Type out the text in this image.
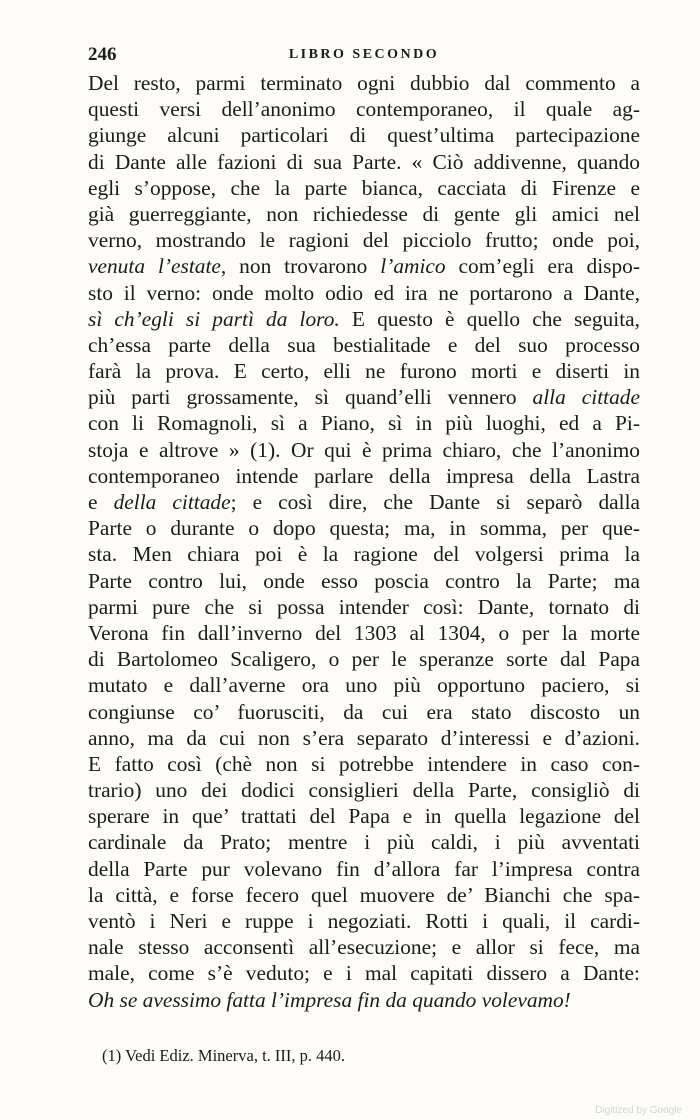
246	LIBRO SECONDO
Del resto, parmi terminato ogni dubbio dal commento a
questi versi dell’anonimo contemporaneo, il quale ag-
giunge alcuni particolari di quest’ultima partecipazione
di Dante alle fazioni di sua Parte. « Ciò addivenne, quando
egli s’oppose, che la parte bianca, cacciata di Firenze e
già guerreggiante, non richiedesse di gente gli amici nel
verno, mostrando le ragioni del picciolo frutto; onde poi,
venuta l’estate, non trovarono l’amico com’egli era dispo-
sto il verno: onde molto odio ed ira ne portarono a Dante,
sì ch’egli si partì da loro. E questo è quello che seguita,
ch’essa parte della sua bestialitade e del suo processo
farà la prova. E certo, elli ne furono morti e diserti in
più parti grossamente, sì quand’elli vennero alla cittade
con li Romagnoli, sì a Piano, sì in più luoghi, ed a Pi-
stoja e altrove » (1). Or qui è prima chiaro, che l’anonimo
contemporaneo intende parlare della impresa della Lastra
e della cittade; e così dire, che Dante si separò dalla
Parte o durante o dopo questa; ma, in somma, per que-
sta. Men chiara poi è la ragione del volgersi prima la
Parte contro lui, onde esso poscia contro la Parte; ma
parmi pure che si possa intender così: Dante, tornato di
Verona fin dall’inverno del 1303 al 1304, o per la morte
di Bartolomeo Scaligero, o per le speranze sorte dal Papa
mutato e dall’averne ora uno più opportuno paciero, si
congiunse co’ fuorusciti, da cui era stato discosto un
anno, ma da cui non s’era separato d’interessi e d’azioni.
E fatto così (chè non si potrebbe intendere in caso con-
trario) uno dei dodici consiglieri della Parte, consigliò di
sperare in que’ trattati del Papa e in quella legazione del
cardinale da Prato; mentre i più caldi, i più avventati
della Parte pur volevano fin d’allora far l’impresa contra
la città, e forse fecero quel muovere de’ Bianchi che spa-
ventò i Neri e ruppe i negoziati. Rotti i quali, il cardi-
nale stesso acconsentì all’esecuzione; e allor si fece, ma
male, come s’è veduto; e i mal capitati dissero a Dante:
Oh se avessimo fatta l’impresa fin da quando volevamo!
(1) Vedi Ediz. Minerva, t. III, p. 440.
Digitized by Google
